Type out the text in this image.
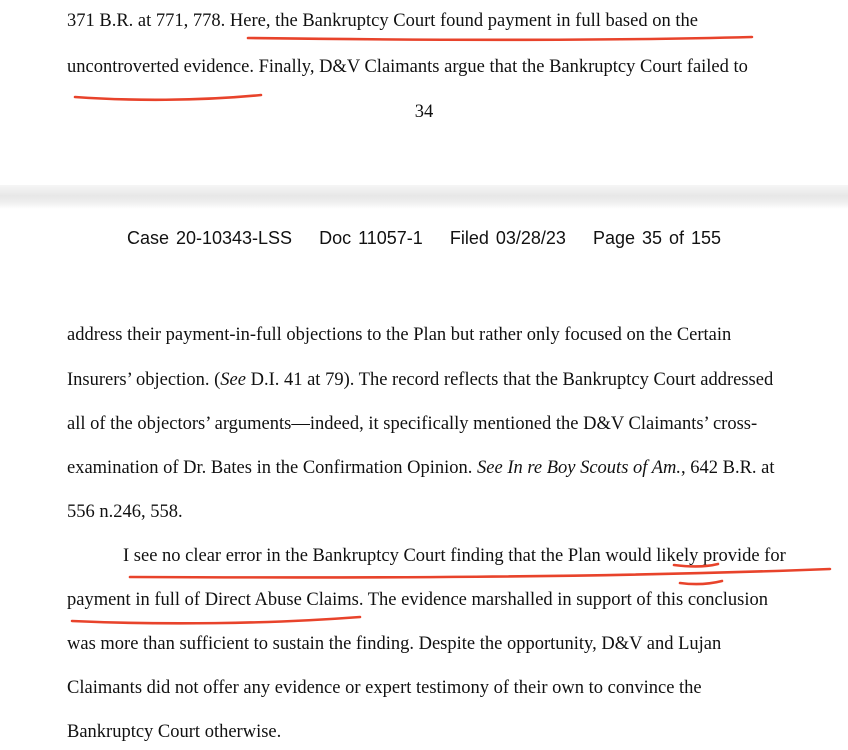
371 B.R. at 771, 778. Here, the Bankruptcy Court found payment in full based on the
uncontroverted evidence. Finally, D&V Claimants argue that the Bankruptcy Court failed to
34
Case 20-10343-LSS Doc 11057-1 Filed 03/28/23 Page 35 of 155
address their payment-in-full objections to the Plan but rather only focused on the Certain
Insurers’ objection. (See D.I. 41 at 79). The record reflects that the Bankruptcy Court addressed
all of the objectors’ arguments—indeed, it specifically mentioned the D&V Claimants’ cross-
examination of Dr. Bates in the Confirmation Opinion. See In re Boy Scouts of Am., 642 B.R. at
556 n.246, 558.
I see no clear error in the Bankruptcy Court finding that the Plan would likely provide for
payment in full of Direct Abuse Claims. The evidence marshalled in support of this conclusion
was more than sufficient to sustain the finding. Despite the opportunity, D&V and Lujan
Claimants did not offer any evidence or expert testimony of their own to convince the
Bankruptcy Court otherwise.
